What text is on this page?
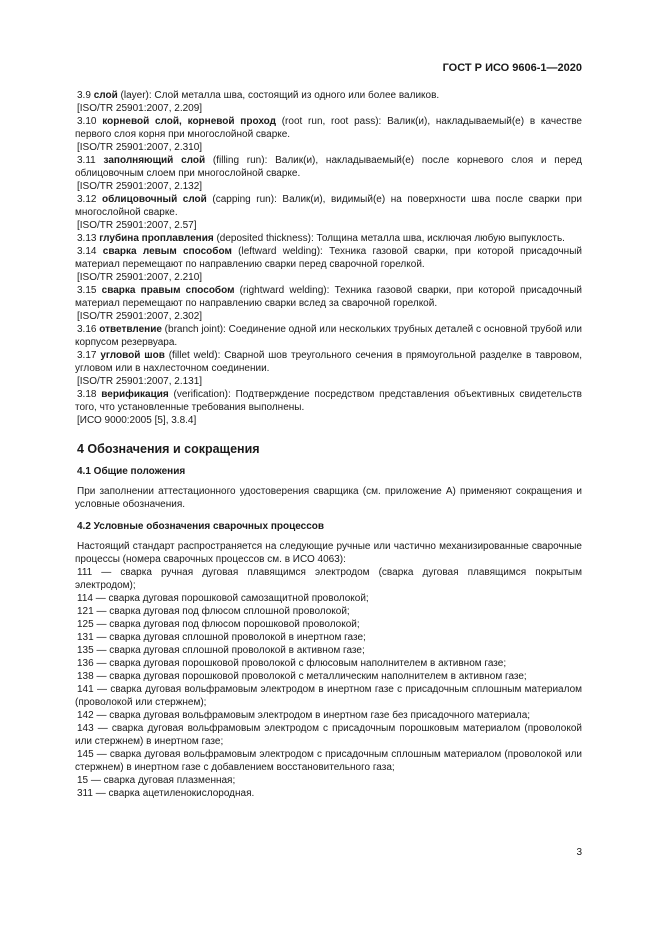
ГОСТ Р ИСО 9606-1—2020

3.9 слой (layer): Слой металла шва, состоящий из одного или более валиков.

[ISO/TR 25901:2007, 2.209]

3.10 корневой слой, корневой проход (root run, root pass): Валик(и), накладываемый(е) в качестве первого слоя корня при многослойной сварке.

[ISO/TR 25901:2007, 2.310]

3.11 заполняющий слой (filling run): Валик(и), накладываемый(е) после корневого слоя и перед облицовочным слоем при многослойной сварке.

[ISO/TR 25901:2007, 2.132]

3.12 облицовочный слой (capping run): Валик(и), видимый(е) на поверхности шва после сварки при многослойной сварке.

[ISO/TR 25901:2007, 2.57]

3.13 глубина проплавления (deposited thickness): Толщина металла шва, исключая любую выпуклость.

3.14 сварка левым способом (leftward welding): Техника газовой сварки, при которой присадочный материал перемещают по направлению сварки перед сварочной горелкой.

[ISO/TR 25901:2007, 2.210]

3.15 сварка правым способом (rightward welding): Техника газовой сварки, при которой присадочный материал перемещают по направлению сварки вслед за сварочной горелкой.

[ISO/TR 25901:2007, 2.302]

3.16 ответвление (branch joint): Соединение одной или нескольких трубных деталей с основной трубой или корпусом резервуара.

3.17 угловой шов (fillet weld): Сварной шов треугольного сечения в прямоугольной разделке в тавровом, угловом или в нахлесточном соединении.

[ISO/TR 25901:2007, 2.131]

3.18 верификация (verification): Подтверждение посредством представления объективных свидетельств того, что установленные требования выполнены.

[ИСО 9000:2005 [5], 3.8.4]

4 Обозначения и сокращения

4.1 Общие положения

При заполнении аттестационного удостоверения сварщика (см. приложение А) применяют сокращения и условные обозначения.

4.2 Условные обозначения сварочных процессов

Настоящий стандарт распространяется на следующие ручные или частично механизированные сварочные процессы (номера сварочных процессов см. в ИСО 4063):

111 — сварка ручная дуговая плавящимся электродом (сварка дуговая плавящимся покрытым электродом);

114 — сварка дуговая порошковой самозащитной проволокой;

121 — сварка дуговая под флюсом сплошной проволокой;

125 — сварка дуговая под флюсом порошковой проволокой;

131 — сварка дуговая сплошной проволокой в инертном газе;

135 — сварка дуговая сплошной проволокой в активном газе;

136 — сварка дуговая порошковой проволокой с флюсовым наполнителем в активном газе;

138 — сварка дуговая порошковой проволокой с металлическим наполнителем в активном газе;

141 — сварка дуговая вольфрамовым электродом в инертном газе с присадочным сплошным материалом (проволокой или стержнем);

142 — сварка дуговая вольфрамовым электродом в инертном газе без присадочного материала;

143 — сварка дуговая вольфрамовым электродом с присадочным порошковым материалом (проволокой или стержнем) в инертном газе;

145 — сварка дуговая вольфрамовым электродом с присадочным сплошным материалом (проволокой или стержнем) в инертном газе с добавлением восстановительного газа;

15 — сварка дуговая плазменная;

311 — сварка ацетиленокислородная.

3
